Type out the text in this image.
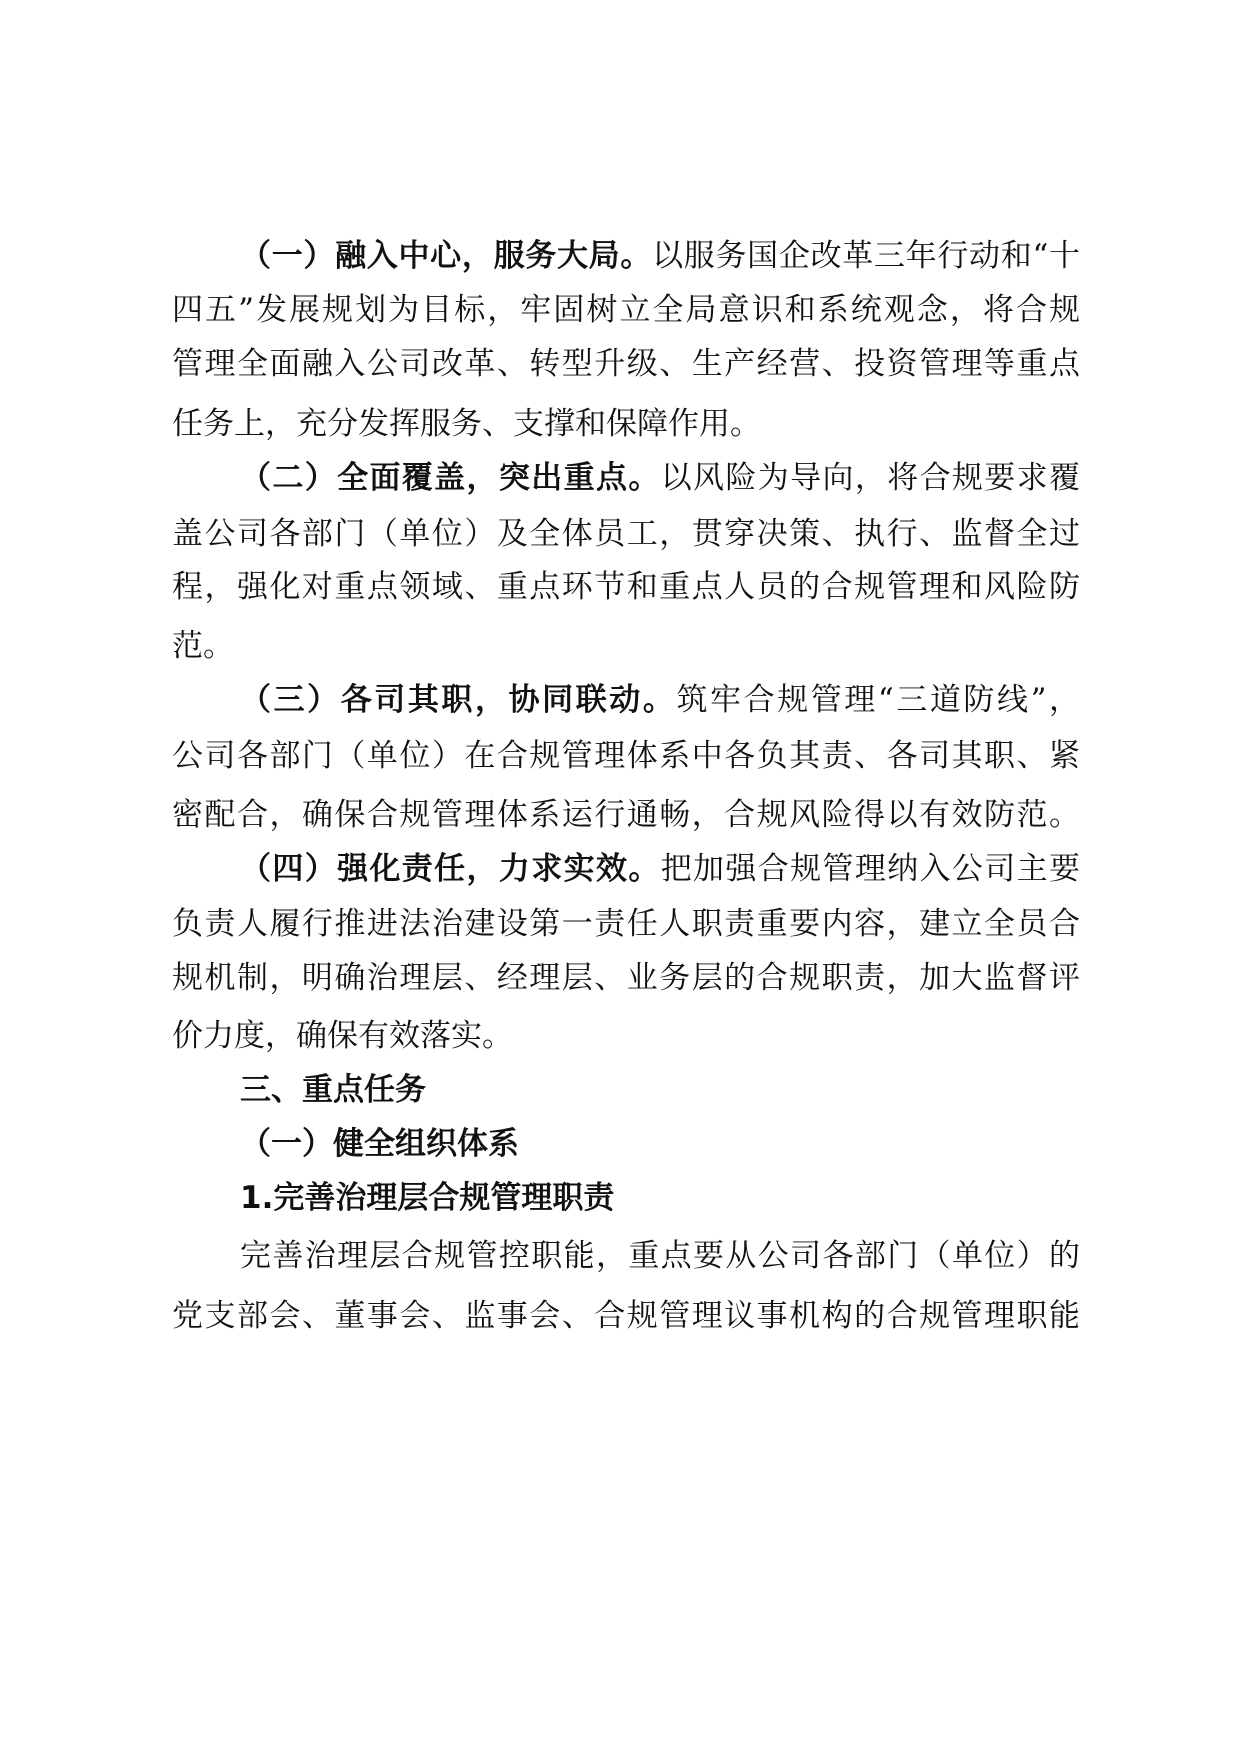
（一）融入中心，服务大局。以服务国企改革三年行动和“十
四五”发展规划为目标，牢固树立全局意识和系统观念，将合规
管理全面融入公司改革、转型升级、生产经营、投资管理等重点
任务上，充分发挥服务、支撑和保障作用。
（二）全面覆盖，突出重点。以风险为导向，将合规要求覆
盖公司各部门（单位）及全体员工，贯穿决策、执行、监督全过
程，强化对重点领域、重点环节和重点人员的合规管理和风险防
范。
（三）各司其职，协同联动。筑牢合规管理“三道防线”，
公司各部门（单位）在合规管理体系中各负其责、各司其职、紧
密配合，确保合规管理体系运行通畅，合规风险得以有效防范。
（四）强化责任，力求实效。把加强合规管理纳入公司主要
负责人履行推进法治建设第一责任人职责重要内容，建立全员合
规机制，明确治理层、经理层、业务层的合规职责，加大监督评
价力度，确保有效落实。
三、重点任务
（一）健全组织体系
1.完善治理层合规管理职责
完善治理层合规管控职能，重点要从公司各部门（单位）的
党支部会、董事会、监事会、合规管理议事机构的合规管理职能
